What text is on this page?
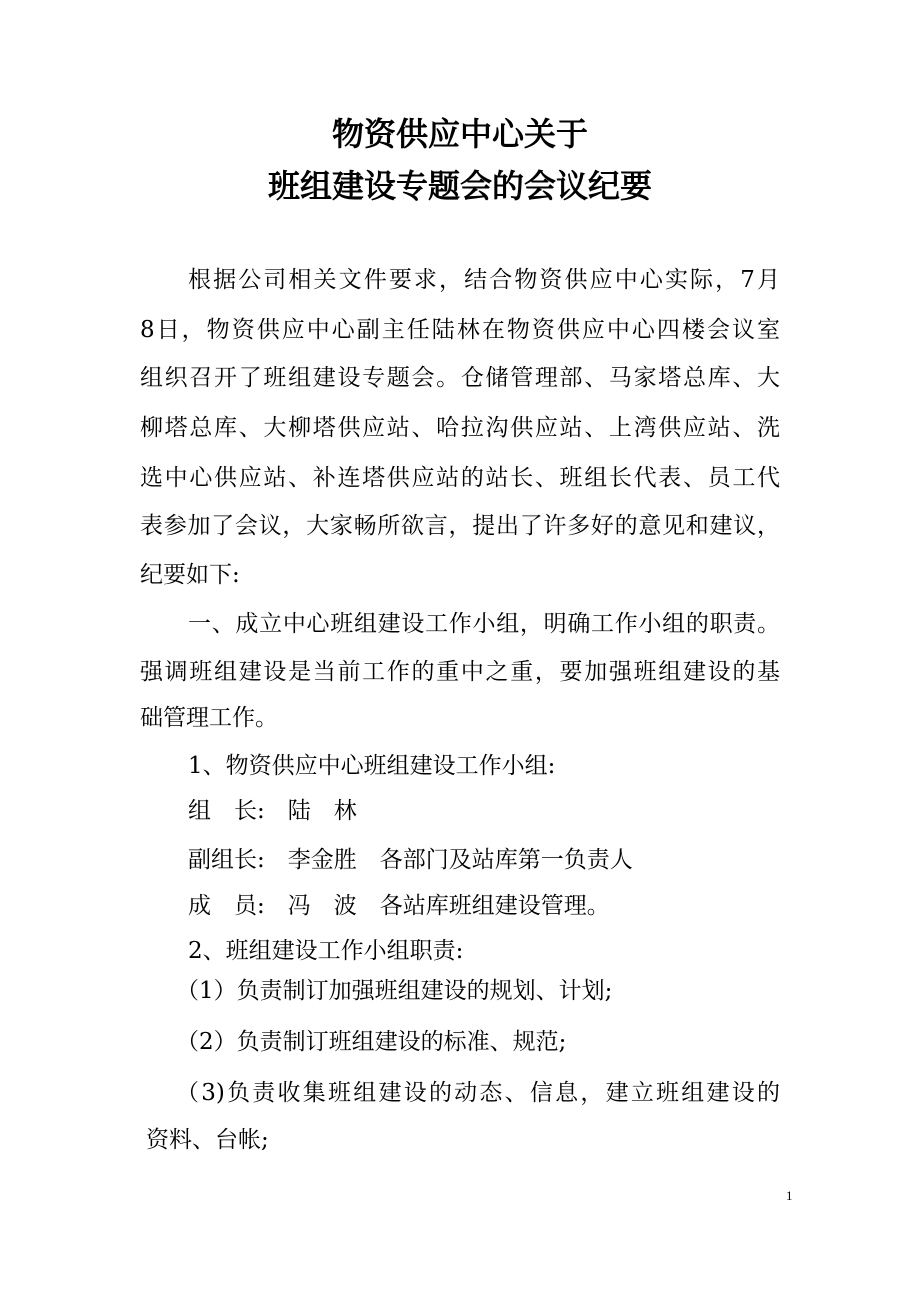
物资供应中心关于
班组建设专题会的会议纪要
根据公司相关文件要求，结合物资供应中心实际，7月
8日，物资供应中心副主任陆林在物资供应中心四楼会议室
组织召开了班组建设专题会。仓储管理部、马家塔总库、大
柳塔总库、大柳塔供应站、哈拉沟供应站、上湾供应站、洗
选中心供应站、补连塔供应站的站长、班组长代表、员工代
表参加了会议，大家畅所欲言，提出了许多好的意见和建议，
纪要如下:
一、成立中心班组建设工作小组，明确工作小组的职责。
强调班组建设是当前工作的重中之重，要加强班组建设的基
础管理工作。
1、物资供应中心班组建设工作小组:
组　长:　陆　林
副组长:　李金胜　各部门及站库第一负责人
成　员:　冯　波　各站库班组建设管理。
2、班组建设工作小组职责:
（1）负责制订加强班组建设的规划、计划;
（2）负责制订班组建设的标准、规范;
（3)负责收集班组建设的动态、信息，建立班组建设的
资料、台帐;
1
